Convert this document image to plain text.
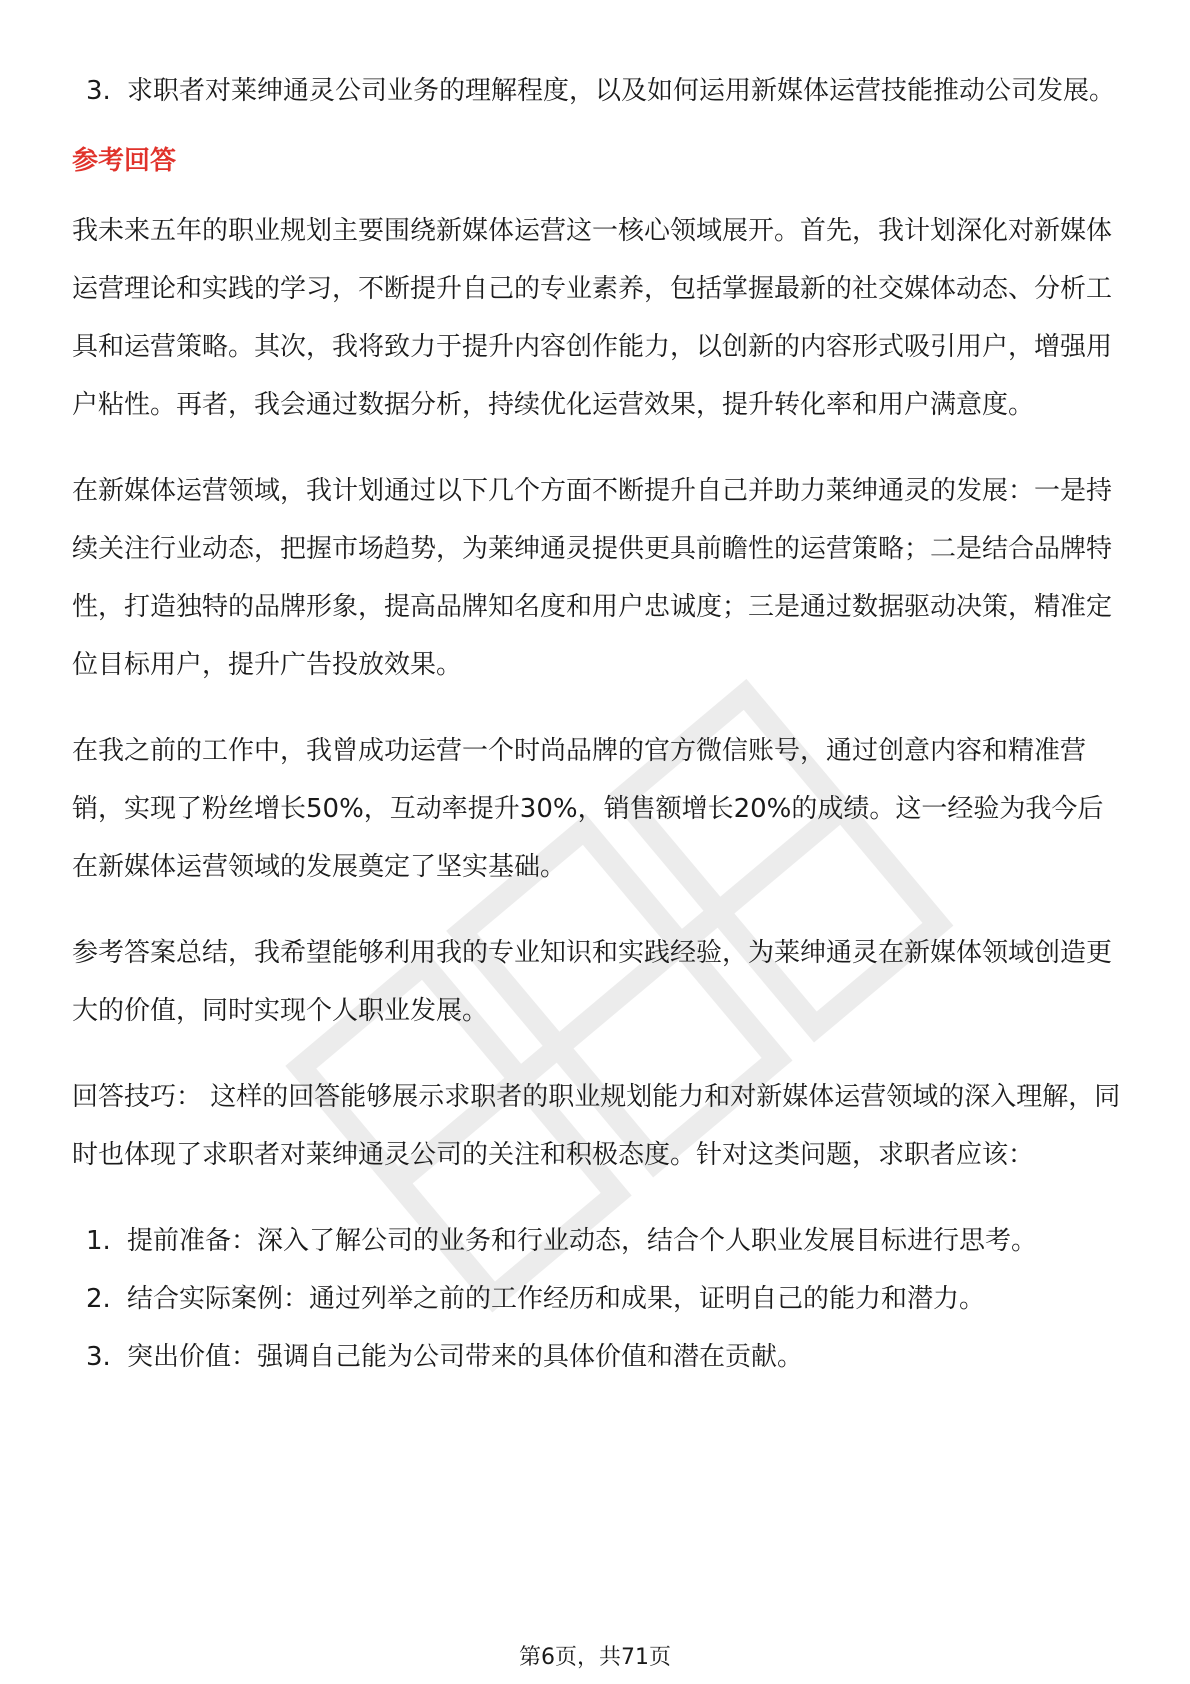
3. 求职者对莱绅通灵公司业务的理解程度，以及如何运用新媒体运营技能推动公司发展。
参考回答

我未来五年的职业规划主要围绕新媒体运营这一核心领域展开。首先，我计划深化对新媒体运营理论和实践的学习，不断提升自己的专业素养，包括掌握最新的社交媒体动态、分析工具和运营策略。其次，我将致力于提升内容创作能力，以创新的内容形式吸引用户，增强用户粘性。再者，我会通过数据分析，持续优化运营效果，提升转化率和用户满意度。

在新媒体运营领域，我计划通过以下几个方面不断提升自己并助力莱绅通灵的发展：一是持续关注行业动态，把握市场趋势，为莱绅通灵提供更具前瞻性的运营策略；二是结合品牌特性，打造独特的品牌形象，提高品牌知名度和用户忠诚度；三是通过数据驱动决策，精准定位目标用户，提升广告投放效果。

在我之前的工作中，我曾成功运营一个时尚品牌的官方微信账号，通过创意内容和精准营销，实现了粉丝增长50%，互动率提升30%，销售额增长20%的成绩。这一经验为我今后在新媒体运营领域的发展奠定了坚实基础。

参考答案总结，我希望能够利用我的专业知识和实践经验，为莱绅通灵在新媒体领域创造更大的价值，同时实现个人职业发展。

回答技巧： 这样的回答能够展示求职者的职业规划能力和对新媒体运营领域的深入理解，同时也体现了求职者对莱绅通灵公司的关注和积极态度。针对这类问题，求职者应该：

1. 提前准备：深入了解公司的业务和行业动态，结合个人职业发展目标进行思考。
2. 结合实际案例：通过列举之前的工作经历和成果，证明自己的能力和潜力。
3. 突出价值：强调自己能为公司带来的具体价值和潜在贡献。
第6页，共71页
